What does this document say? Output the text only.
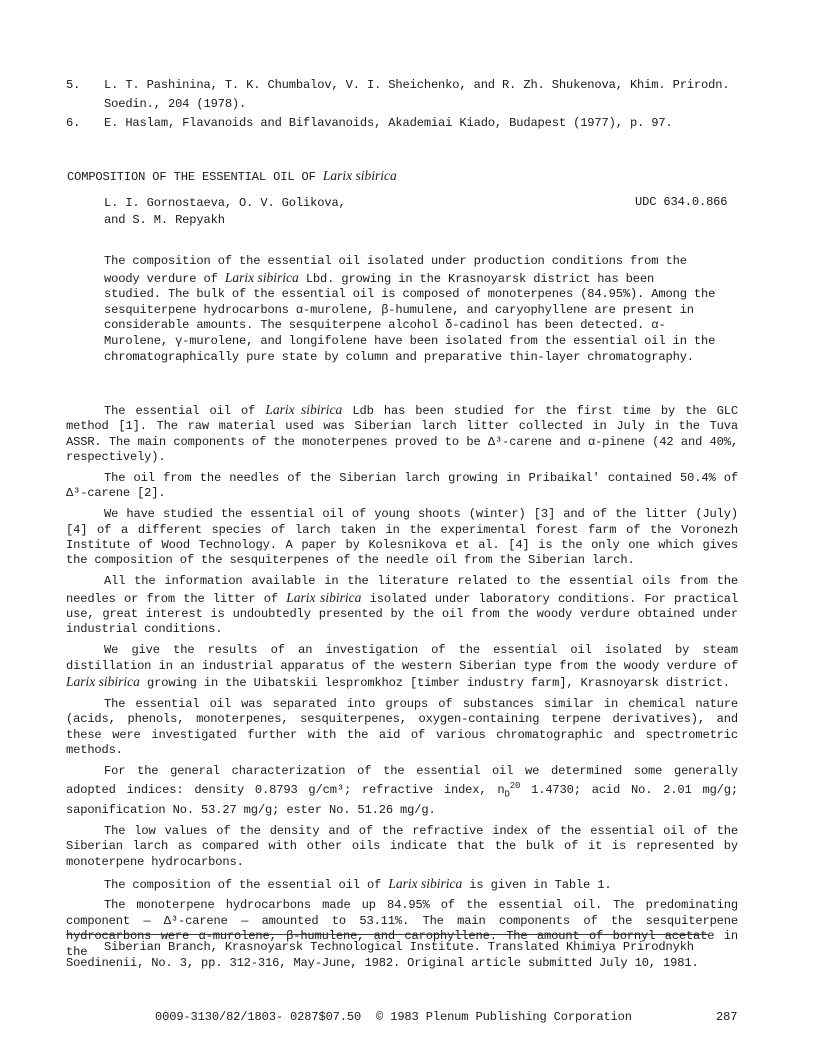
5.	L. T. Pashinina, T. K. Chumbalov, V. I. Sheichenko, and R. Zh. Shukenova, Khim. Prirodn. Soedin., 204 (1978).
6.	E. Haslam, Flavanoids and Biflavanoids, Akademiai Kiado, Budapest (1977), p. 97.
COMPOSITION OF THE ESSENTIAL OIL OF Larix sibirica
L. I. Gornostaeva, O. V. Golikova,
and S. M. Repyakh
UDC 634.0.866
The composition of the essential oil isolated under production conditions from the woody verdure of Larix sibirica Lbd. growing in the Krasnoyarsk district has been studied. The bulk of the essential oil is composed of monoterpenes (84.95%). Among the sesquiterpene hydrocarbons α-murolene, β-humulene, and caryophyllene are present in considerable amounts. The sesquiterpene alcohol δ-cadinol has been detected. α-Murolene, γ-murolene, and longifolene have been isolated from the essential oil in the chromatographically pure state by column and preparative thin-layer chromatography.

The essential oil of Larix sibirica Ldb has been studied for the first time by the GLC method [1]. The raw material used was Siberian larch litter collected in July in the Tuva ASSR. The main components of the monoterpenes proved to be Δ³-carene and α-pinene (42 and 40%, respectively).

The oil from the needles of the Siberian larch growing in Pribaikal' contained 50.4% of Δ³-carene [2].

We have studied the essential oil of young shoots (winter) [3] and of the litter (July) [4] of a different species of larch taken in the experimental forest farm of the Voronezh Institute of Wood Technology. A paper by Kolesnikova et al. [4] is the only one which gives the composition of the sesquiterpenes of the needle oil from the Siberian larch.

All the information available in the literature related to the essential oils from the needles or from the litter of Larix sibirica isolated under laboratory conditions. For practical use, great interest is undoubtedly presented by the oil from the woody verdure obtained under industrial conditions.

We give the results of an investigation of the essential oil isolated by steam distillation in an industrial apparatus of the western Siberian type from the woody verdure of Larix sibirica growing in the Uibatskii lespromkhoz [timber industry farm], Krasnoyarsk district.

The essential oil was separated into groups of substances similar in chemical nature (acids, phenols, monoterpenes, sesquiterpenes, oxygen-containing terpene derivatives), and these were investigated further with the aid of various chromatographic and spectrometric methods.

For the general characterization of the essential oil we determined some generally adopted indices: density 0.8793 g/cm³; refractive index, $n_D^{20}$ 1.4730; acid No. 2.01 mg/g; saponification No. 53.27 mg/g; ester No. 51.26 mg/g.

The low values of the density and of the refractive index of the essential oil of the Siberian larch as compared with other oils indicate that the bulk of it is represented by monoterpene hydrocarbons.

The composition of the essential oil of Larix sibirica is given in Table 1.

The monoterpene hydrocarbons made up 84.95% of the essential oil. The predominating component — Δ³-carene — amounted to 53.11%. The main components of the sesquiterpene hydrocarbons were α-murolene, β-humulene, and carophyllene. The amount of bornyl acetate in the	Siberian Branch, Krasnoyarsk Technological Institute. Translated Khimiya Prirodnykh Soedinenii, No. 3, pp. 312-316, May-June, 1982. Original article submitted July 10, 1981.
0009-3130/82/1803- 0287$07.50 © 1983 Plenum Publishing Corporation	287
